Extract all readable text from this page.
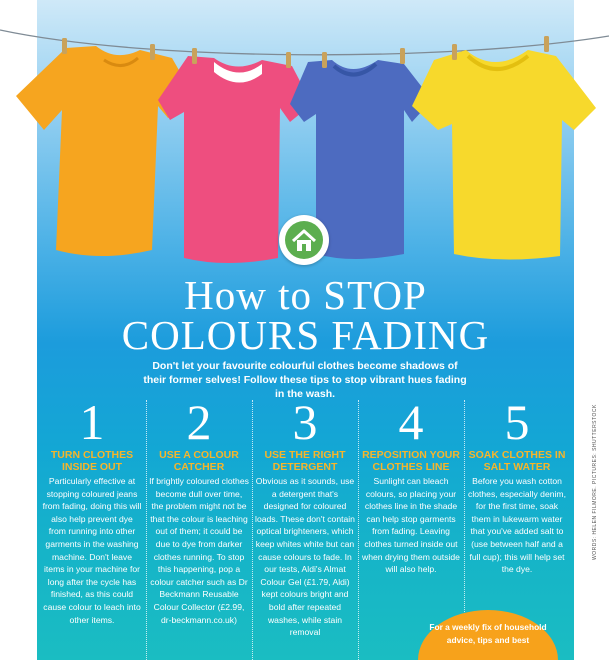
How to STOP
COLOURS FADING

Don't let your favourite colourful clothes become shadows of their former selves! Follow these tips to stop vibrant hues fading in the wash.

1
TURN CLOTHES INSIDE OUT
Particularly effective at stopping coloured jeans from fading, doing this will also help prevent dye from running into other garments in the washing machine. Don't leave items in your machine for long after the cycle has finished, as this could cause colour to leach into other items.
2
USE A COLOUR CATCHER
If brightly coloured clothes become dull over time, the problem might not be that the colour is leaching out of them; it could be due to dye from darker clothes running. To stop this happening, pop a colour catcher such as Dr Beckmann Reusable Colour Collector (£2.99, dr-beckmann.co.uk)
3
USE THE RIGHT DETERGENT
Obvious as it sounds, use a detergent that's designed for coloured loads. These don't contain optical brighteners, which keep whites white but can cause colours to fade. In our tests, Aldi's Almat Colour Gel (£1.79, Aldi) kept colours bright and bold after repeated washes, while stain removal
4
REPOSITION YOUR CLOTHES LINE
Sunlight can bleach colours, so placing your clothes line in the shade can help stop garments from fading. Leaving clothes turned inside out when drying them outside will also help.
5
SOAK CLOTHES IN SALT WATER
Before you wash cotton clothes, especially denim, for the first time, soak them in lukewarm water that you've added salt to (use between half and a full cup); this will help set the dye.

For a weekly fix of household advice, tips and best

WORDS: HELEN FILMORE. PICTURES: SHUTTERSTOCK
